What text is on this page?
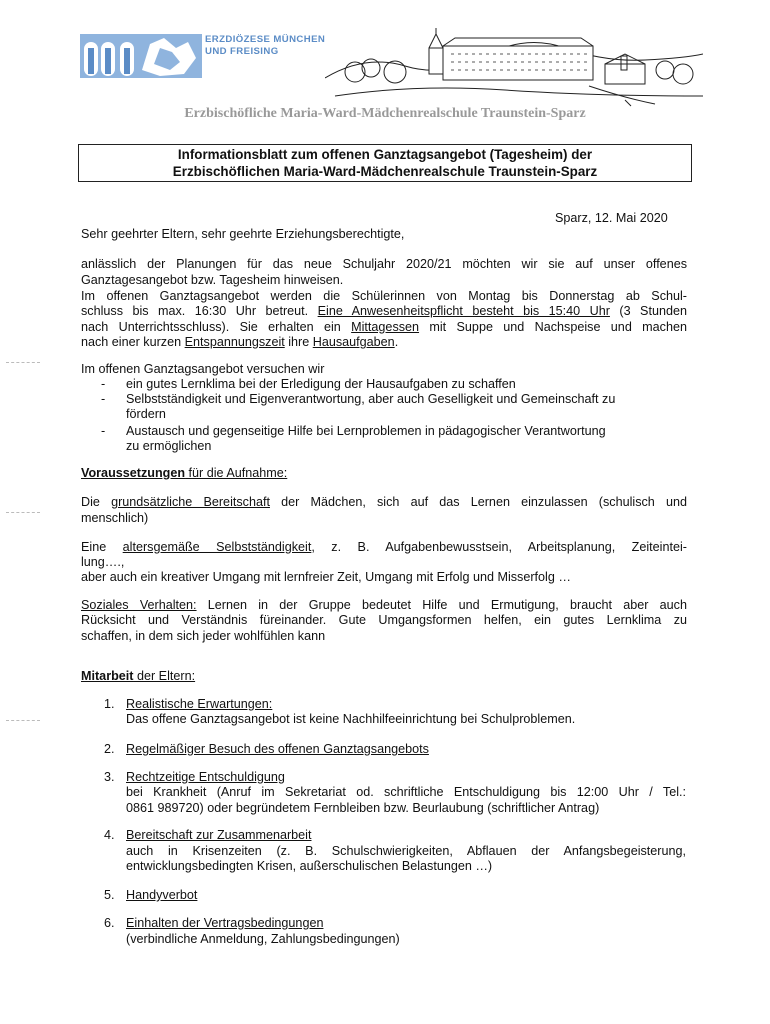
ERZDIÖZESE MÜNCHEN
UND FREISING
Erzbischöfliche Maria-Ward-Mädchenrealschule Traunstein-Sparz
Informationsblatt zum offenen Ganztagsangebot (Tagesheim) der
Erzbischöflichen Maria-Ward-Mädchenrealschule Traunstein-Sparz
Sparz, 12. Mai 2020
Sehr geehrter Eltern, sehr geehrte Erziehungsberechtigte,
anlässlich der Planungen für das neue Schuljahr 2020/21 möchten wir sie auf unser offenes
Ganztagesangebot bzw. Tagesheim hinweisen.
Im offenen Ganztagsangebot werden die Schülerinnen von Montag bis Donnerstag ab Schul-
schluss bis max. 16:30 Uhr betreut. Eine Anwesenheitspflicht besteht bis 15:40 Uhr (3 Stunden
nach Unterrichtsschluss). Sie erhalten ein Mittagessen mit Suppe und Nachspeise und machen
nach einer kurzen Entspannungszeit ihre Hausaufgaben.
Im offenen Ganztagsangebot versuchen wir
- ein gutes Lernklima bei der Erledigung der Hausaufgaben zu schaffen
- Selbstständigkeit und Eigenverantwortung, aber auch Geselligkeit und Gemeinschaft zu
fördern
- Austausch und gegenseitige Hilfe bei Lernproblemen in pädagogischer Verantwortung
zu ermöglichen
Voraussetzungen für die Aufnahme:
Die grundsätzliche Bereitschaft der Mädchen, sich auf das Lernen einzulassen (schulisch und
menschlich)
Eine altersgemäße Selbstständigkeit, z. B. Aufgabenbewusstsein, Arbeitsplanung, Zeiteintei-
lung….,
aber auch ein kreativer Umgang mit lernfreier Zeit, Umgang mit Erfolg und Misserfolg …
Soziales Verhalten: Lernen in der Gruppe bedeutet Hilfe und Ermutigung, braucht aber auch
Rücksicht und Verständnis füreinander. Gute Umgangsformen helfen, ein gutes Lernklima zu
schaffen, in dem sich jeder wohlfühlen kann
Mitarbeit der Eltern:
1. Realistische Erwartungen:
Das offene Ganztagsangebot ist keine Nachhilfeeinrichtung bei Schulproblemen.
2. Regelmäßiger Besuch des offenen Ganztagsangebots
3. Rechtzeitige Entschuldigung
bei Krankheit (Anruf im Sekretariat od. schriftliche Entschuldigung bis 12:00 Uhr / Tel.:
0861 989720) oder begründetem Fernbleiben bzw. Beurlaubung (schriftlicher Antrag)
4. Bereitschaft zur Zusammenarbeit
auch in Krisenzeiten (z. B. Schulschwierigkeiten, Abflauen der Anfangsbegeisterung,
entwicklungsbedingten Krisen, außerschulischen Belastungen …)
5. Handyverbot
6. Einhalten der Vertragsbedingungen
(verbindliche Anmeldung, Zahlungsbedingungen)
